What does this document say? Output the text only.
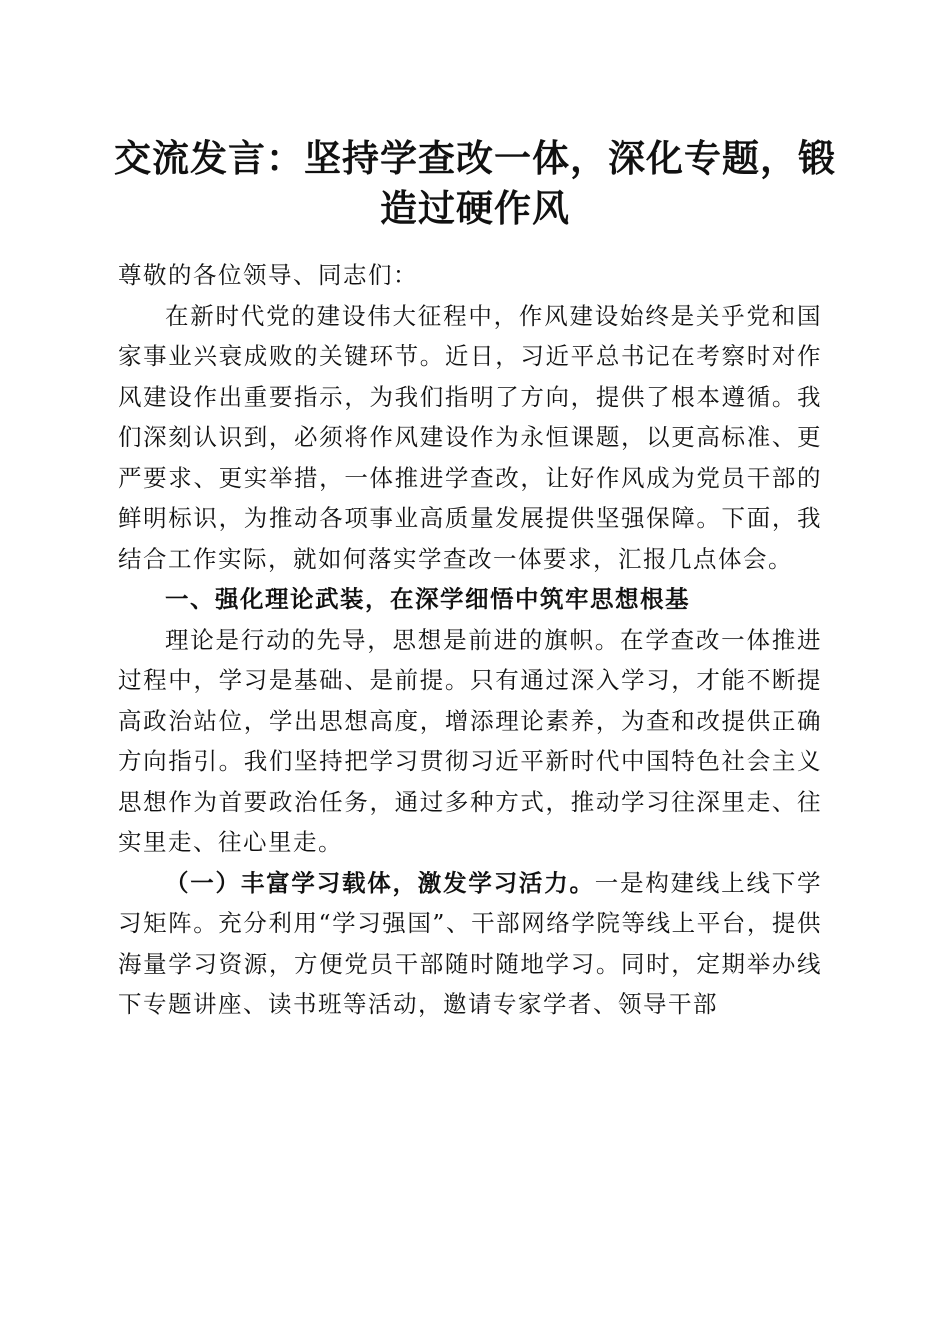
交流发言：坚持学查改一体，深化专题，锻造过硬作风

尊敬的各位领导、同志们：

在新时代党的建设伟大征程中，作风建设始终是关乎党和国家事业兴衰成败的关键环节。近日，习近平总书记在考察时对作风建设作出重要指示，为我们指明了方向，提供了根本遵循。我们深刻认识到，必须将作风建设作为永恒课题，以更高标准、更严要求、更实举措，一体推进学查改，让好作风成为党员干部的鲜明标识，为推动各项事业高质量发展提供坚强保障。下面，我结合工作实际，就如何落实学查改一体要求，汇报几点体会。

一、强化理论武装，在深学细悟中筑牢思想根基

理论是行动的先导，思想是前进的旗帜。在学查改一体推进过程中，学习是基础、是前提。只有通过深入学习，才能不断提高政治站位，学出思想高度，增添理论素养，为查和改提供正确方向指引。我们坚持把学习贯彻习近平新时代中国特色社会主义思想作为首要政治任务，通过多种方式，推动学习往深里走、往实里走、往心里走。

（一）丰富学习载体，激发学习活力。一是构建线上线下学习矩阵。充分利用“学习强国”、干部网络学院等线上平台，提供海量学习资源，方便党员干部随时随地学习。同时，定期举办线下专题讲座、读书班等活动，邀请专家学者、领导干部
